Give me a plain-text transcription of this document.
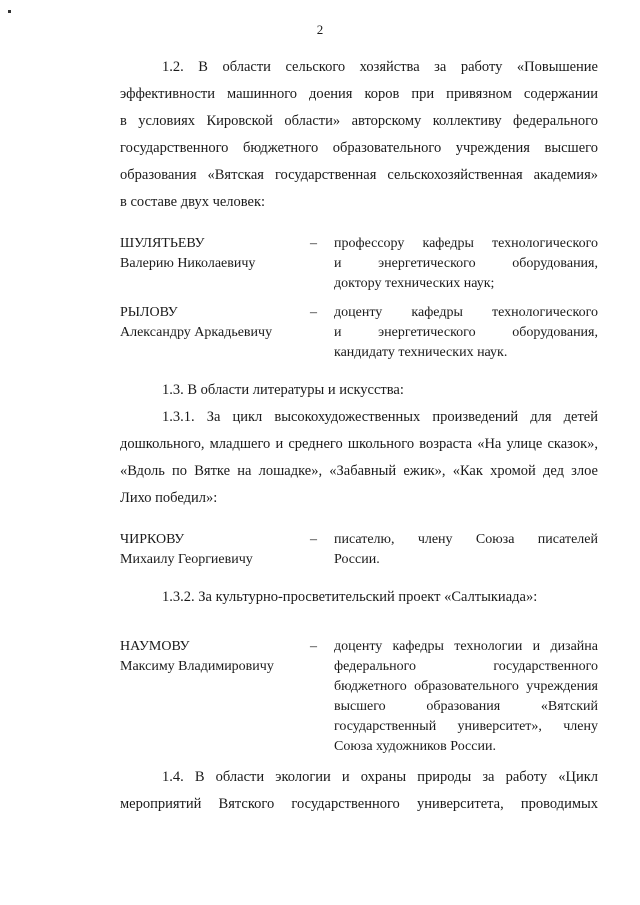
2
1.2. В области сельского хозяйства за работу «Повышение
эффективности машинного доения коров при привязном содержании
в условиях Кировской области» авторскому коллективу федерального
государственного бюджетного образовательного учреждения высшего
образования «Вятская государственная сельскохозяйственная академия»
в составе двух человек:
ШУЛЯТЬЕВУ
Валерию Николаевичу
– профессору кафедры технологического
и энергетического оборудования,
доктору технических наук;
РЫЛОВУ
Александру Аркадьевичу
– доценту кафедры технологического
и энергетического оборудования,
кандидату технических наук.
1.3. В области литературы и искусства:
1.3.1. За цикл высокохудожественных произведений для детей
дошкольного, младшего и среднего школьного возраста «На улице сказок»,
«Вдоль по Вятке на лошадке», «Забавный ежик», «Как хромой дед злое
Лихо победил»:
ЧИРКОВУ
Михаилу Георгиевичу
– писателю, члену Союза писателей
России.
1.3.2. За культурно-просветительский проект «Салтыкиада»:
НАУМОВУ
Максиму Владимировичу
– доценту кафедры технологии и дизайна
федерального государственного
бюджетного образовательного учреждения
высшего образования «Вятский
государственный университет», члену
Союза художников России.
1.4. В области экологии и охраны природы за работу «Цикл
мероприятий Вятского государственного университета, проводимых
